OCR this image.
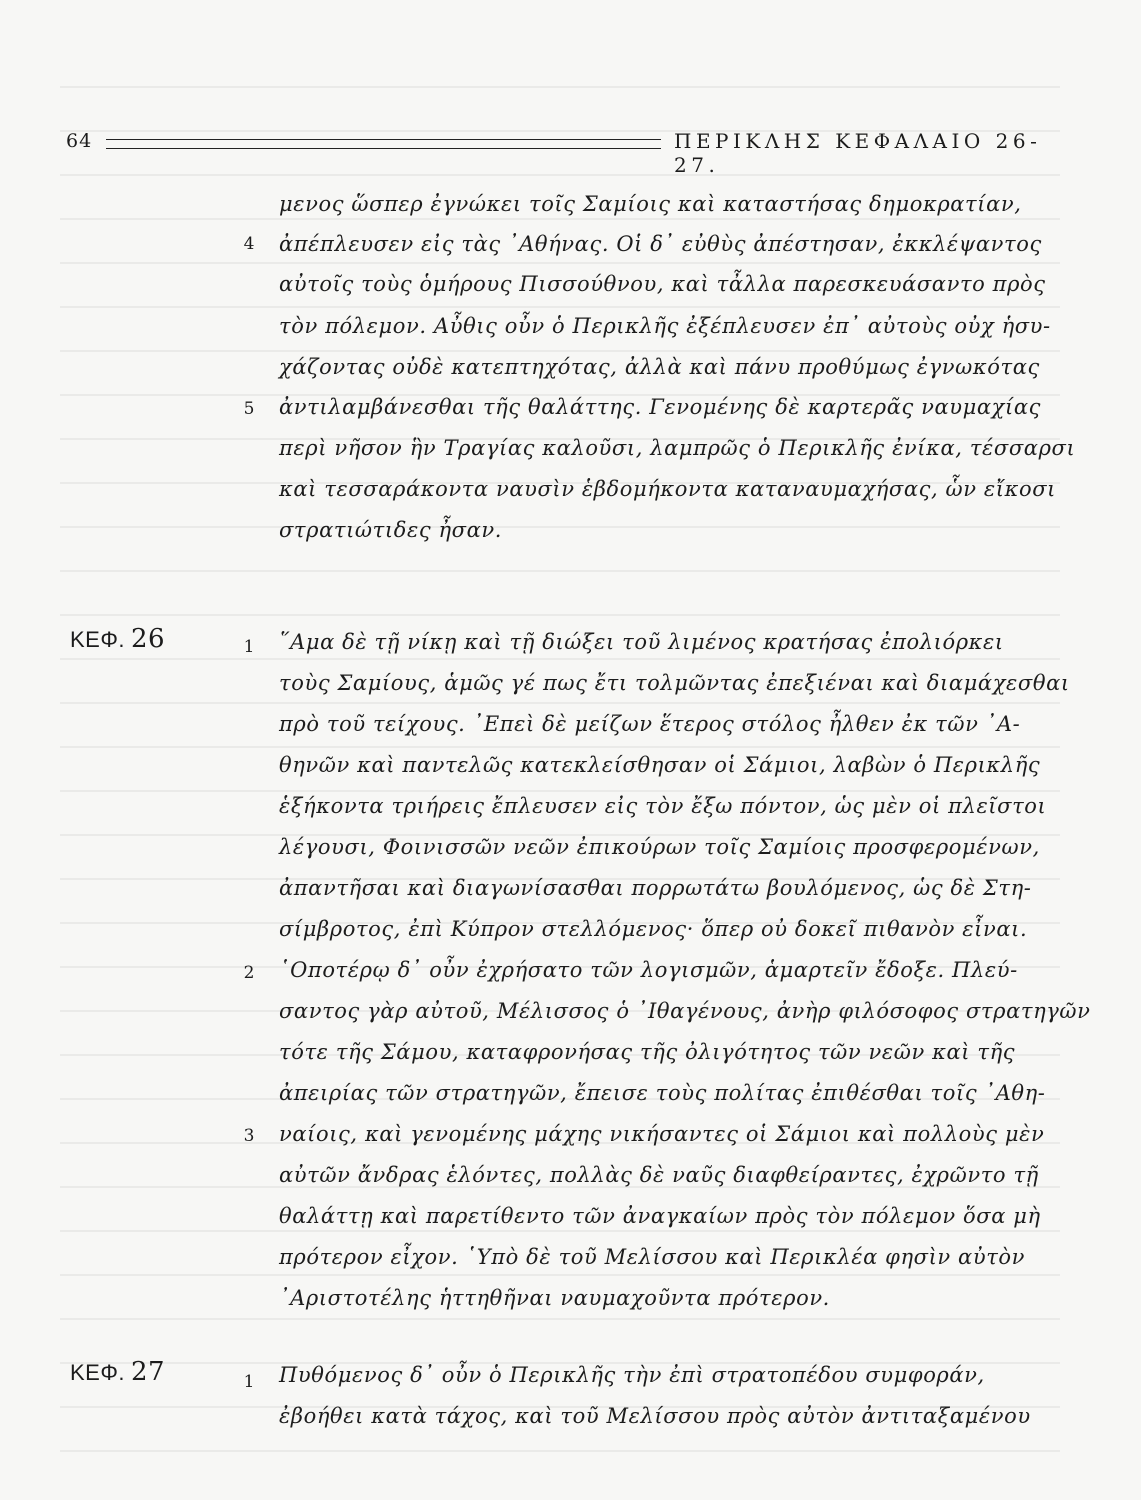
64	ΠΕΡΙΚΛΗΣ ΚΕΦΑΛΑΙΟ 26-27.
ΚΕΦ. 26
ΚΕΦ. 27
μενος ὥσπερ ἐγνώκει τοῖς Σαμίοις καὶ καταστήσας δημοκρατίαν,
4 ἀπέπλευσεν εἰς τὰς ᾿Αθήνας. Οἱ δ᾿ εὐθὺς ἀπέστησαν, ἐκκλέψαντος
αὐτοῖς τοὺς ὁμήρους Πισσούθνου, καὶ τἆλλα παρεσκευάσαντο πρὸς
τὸν πόλεμον. Αὖθις οὖν ὁ Περικλῆς ἐξέπλευσεν ἐπ᾿ αὐτοὺς οὐχ ἡσυ-
χάζοντας οὐδὲ κατεπτηχότας, ἀλλὰ καὶ πάνυ προθύμως ἐγνωκότας
5 ἀντιλαμβάνεσθαι τῆς θαλάττης. Γενομένης δὲ καρτερᾶς ναυμαχίας
περὶ νῆσον ἣν Τραγίας καλοῦσι, λαμπρῶς ὁ Περικλῆς ἐνίκα, τέσσαρσι
καὶ τεσσαράκοντα ναυσὶν ἑβδομήκοντα καταναυμαχήσας, ὧν εἴκοσι
στρατιώτιδες ἦσαν.
1 ῞Αμα δὲ τῇ νίκῃ καὶ τῇ διώξει τοῦ λιμένος κρατήσας ἐπολιόρκει
τοὺς Σαμίους, ἁμῶς γέ πως ἔτι τολμῶντας ἐπεξιέναι καὶ διαμάχεσθαι
πρὸ τοῦ τείχους. ᾿Επεὶ δὲ μείζων ἕτερος στόλος ἦλθεν ἐκ τῶν ᾿Α-
θηνῶν καὶ παντελῶς κατεκλείσθησαν οἱ Σάμιοι, λαβὼν ὁ Περικλῆς
ἑξήκοντα τριήρεις ἔπλευσεν εἰς τὸν ἔξω πόντον, ὡς μὲν οἱ πλεῖστοι
λέγουσι, Φοινισσῶν νεῶν ἐπικούρων τοῖς Σαμίοις προσφερομένων,
ἀπαντῆσαι καὶ διαγωνίσασθαι πορρωτάτω βουλόμενος, ὡς δὲ Στη-
σίμβροτος, ἐπὶ Κύπρον στελλόμενος· ὅπερ οὐ δοκεῖ πιθανὸν εἶναι.
2 ῾Οποτέρῳ δ᾿ οὖν ἐχρήσατο τῶν λογισμῶν, ἁμαρτεῖν ἔδοξε. Πλεύ-
σαντος γὰρ αὐτοῦ, Μέλισσος ὁ ᾿Ιθαγένους, ἀνὴρ φιλόσοφος στρατηγῶν
τότε τῆς Σάμου, καταφρονήσας τῆς ὀλιγότητος τῶν νεῶν καὶ τῆς
ἀπειρίας τῶν στρατηγῶν, ἔπεισε τοὺς πολίτας ἐπιθέσθαι τοῖς ᾿Αθη-
3 ναίοις, καὶ γενομένης μάχης νικήσαντες οἱ Σάμιοι καὶ πολλοὺς μὲν
αὐτῶν ἄνδρας ἑλόντες, πολλὰς δὲ ναῦς διαφθείραντες, ἐχρῶντο τῇ
θαλάττῃ καὶ παρετίθεντο τῶν ἀναγκαίων πρὸς τὸν πόλεμον ὅσα μὴ
πρότερον εἶχον. ῾Υπὸ δὲ τοῦ Μελίσσου καὶ Περικλέα φησὶν αὐτὸν
᾿Αριστοτέλης ἡττηθῆναι ναυμαχοῦντα πρότερον.
1 Πυθόμενος δ᾿ οὖν ὁ Περικλῆς τὴν ἐπὶ στρατοπέδου συμφοράν,
ἐβοήθει κατὰ τάχος, καὶ τοῦ Μελίσσου πρὸς αὐτὸν ἀντιταξαμένου
